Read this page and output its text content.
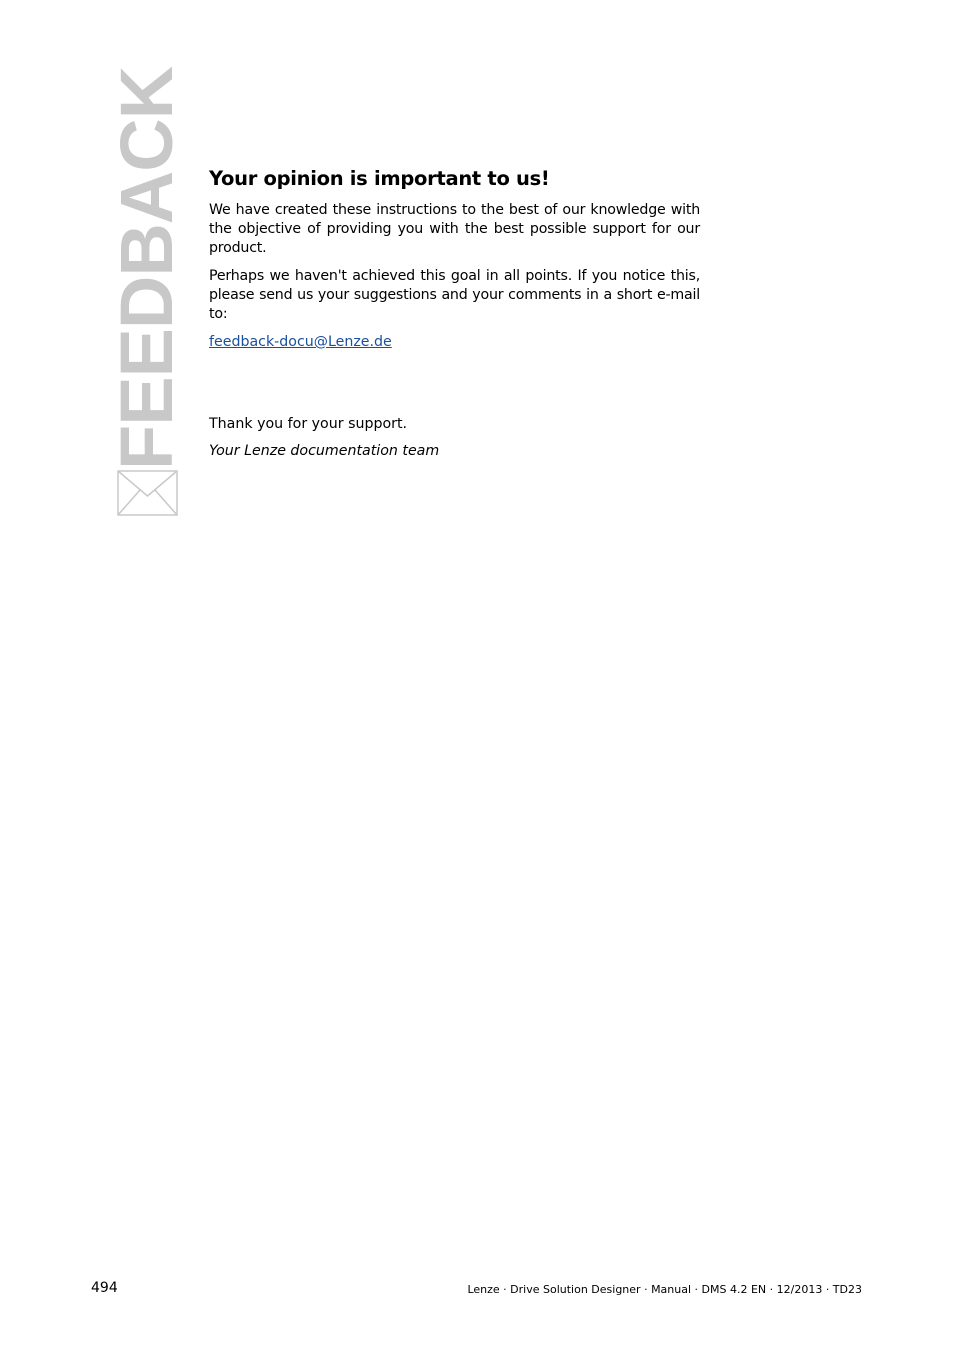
_______________________________________________________________
FEEDBACK Your opinion is important to us!
We have created these instructions to the best of our knowledge with the objective of providing you with the best possible support for our product.
Perhaps we haven't achieved this goal in all points. If you notice this, please send us your suggestions and your comments in a short e-mail to:
feedback-docu@Lenze.de
Thank you for your support.
Your Lenze documentation team
494	Lenze · Drive Solution Designer · Manual · DMS 4.2 EN · 12/2013 · TD23
